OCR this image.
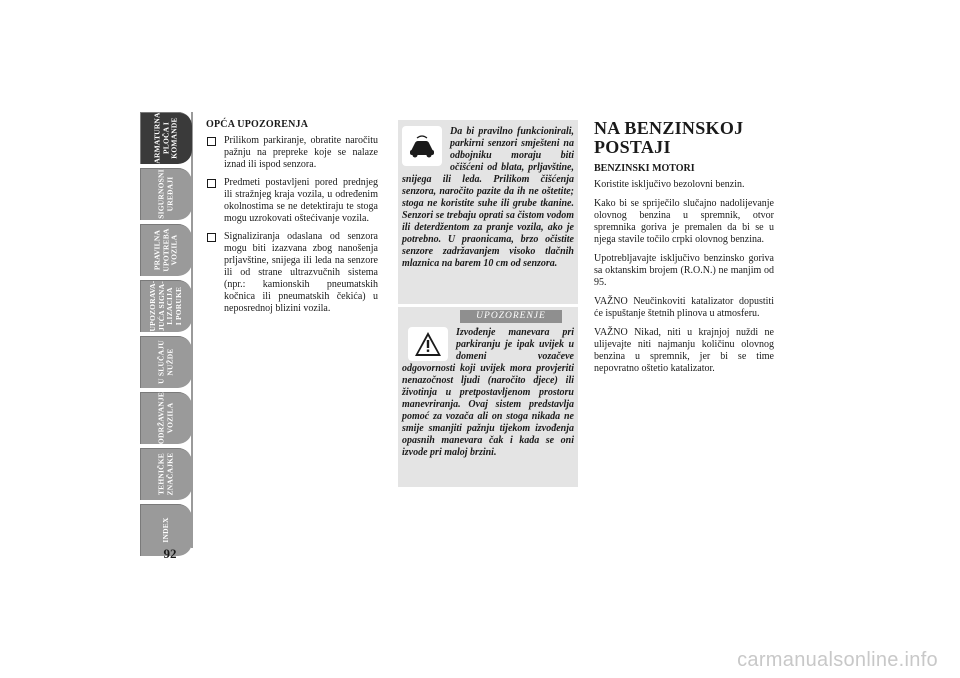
ARMATURNA
PLOČA I
KOMANDE
SIGURNOSNI
UREĐAJI
PRAVILNA
UPOTREBA
VOZILA
UPOZORAVA-
JUĆA SIGNA-
LIZACIJA
I PORUKE
U SLUČAJU
NUŽDE
ODRŽAVANJE
VOZILA
TEHNIČKE
ZNAČAJKE
INDEX
92
OPĆA UPOZORENJA
Prilikom parkiranje, obratite naročitu pažnju na prepreke koje se nalaze iznad ili ispod senzora.
Predmeti postavljeni pored prednjeg ili stražnjeg kraja vozila, u određenim okolnostima se ne detektiraju te stoga mogu uzrokovati oštećivanje vozila.
Signaliziranja odaslana od senzora mogu biti izazvana zbog nanošenja prljavštine, snijega ili leda na senzore ili od strane ultrazvučnih sistema (npr.: kamionskih pneumatskih kočnica ili pneumatskih čekića) u neposrednoj blizini vozila.
Da bi pravilno funkcionirali, parkirni senzori smješteni na odbojniku moraju biti očišćeni od blata, prljavštine, snijega ili leda. Prilikom čišćenja senzora, naročito pazite da ih ne oštetite; stoga ne koristite suhe ili grube tkanine. Senzori se trebaju oprati sa čistom vodom ili deterdžentom za pranje vozila, ako je potrebno. U praonicama, brzo očistite senzore zadržavanjem visoko tlačnih mlaznica na barem 10 cm od senzora.
UPOZORENJE
Izvođenje manevara pri parkiranju je ipak uvijek u domeni vozačeve odgovornosti koji uvijek mora provjeriti nenazočnost ljudi (naročito djece) ili životinja u pretpostavljenom prostoru manevriranja. Ovaj sistem predstavlja pomoć za vozača ali on stoga nikada ne smije smanjiti pažnju tijekom izvođenja opasnih manevara čak i kada se oni izvode pri maloj brzini.
NA BENZINSKOJ POSTAJI
BENZINSKI MOTORI

Koristite isključivo bezolovni benzin.

Kako bi se spriječilo slučajno nadolijevanje olovnog benzina u spremnik, otvor spremnika goriva je premalen da bi se u njega stavile točilo crpki olovnog benzina.

Upotrebljavajte isključivo benzinsko goriva sa oktanskim brojem (R.O.N.) ne manjim od 95.

VAŽNO Neučinkoviti katalizator dopustiti će ispuštanje štetnih plinova u atmosferu.

VAŽNO Nikad, niti u krajnjoj nuždi ne ulijevajte niti najmanju količinu olovnog benzina u spremnik, jer bi se time nepovratno oštetio katalizator.

carmanualsonline.info
